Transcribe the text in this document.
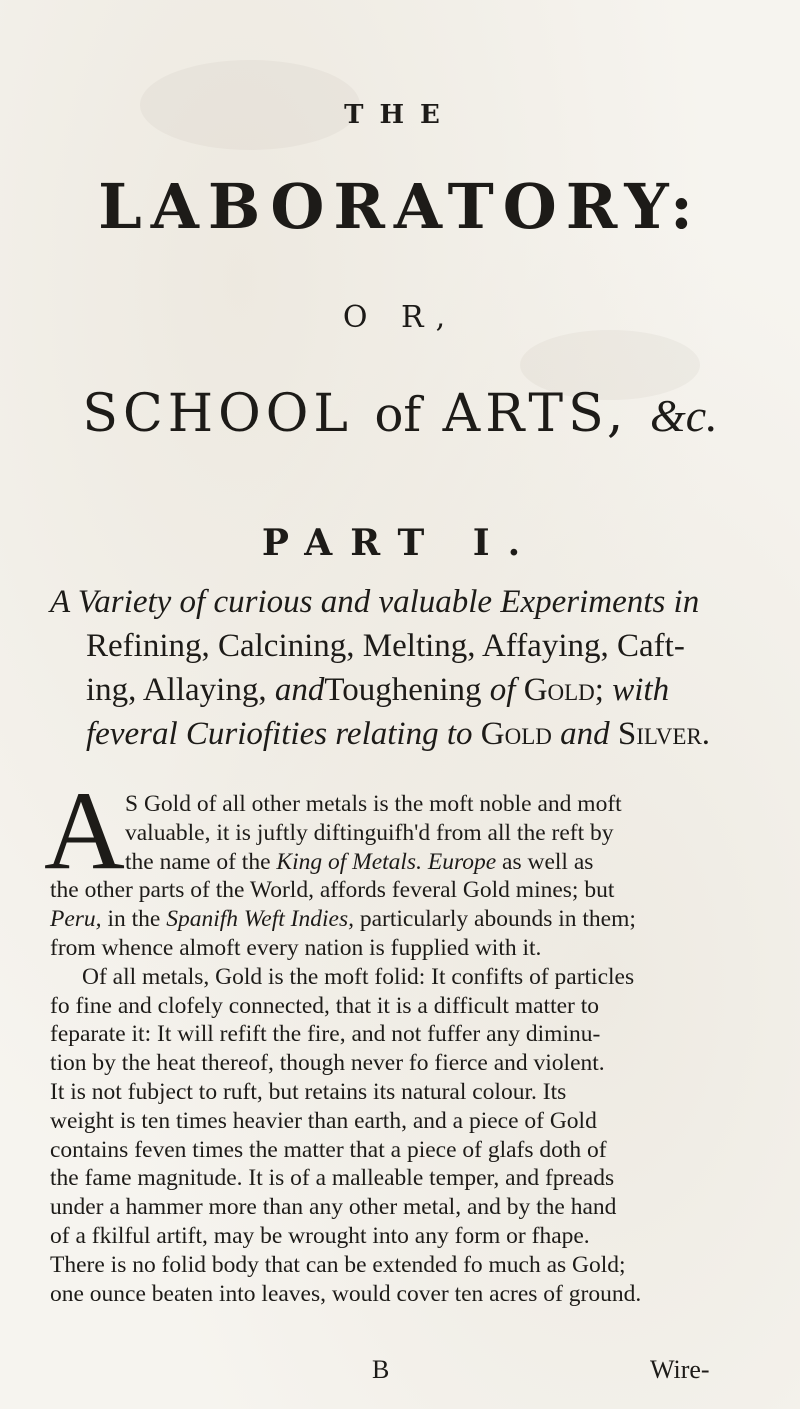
THE
LABORATORY:
O R,
SCHOOL of ARTS, &c.
PART I.
A Variety of curious and valuable Experiments in
Refining, Calcining, Melting, Affaying, Caft-
ing, Allaying, andToughening of Gold; with
feveral Curiofities relating to Gold and Silver.
A S Gold of all other metals is the moft noble and moft
valuable, it is juftly diftinguifh'd from all the reft by
the name of the King of Metals. Europe as well as
the other parts of the World, affords feveral Gold mines; but
Peru, in the Spanifh Weft Indies, particularly abounds in them;
from whence almoft every nation is fupplied with it.
Of all metals, Gold is the moft folid: It confifts of particles
fo fine and clofely connected, that it is a difficult matter to
feparate it: It will refift the fire, and not fuffer any diminu-
tion by the heat thereof, though never fo fierce and violent.
It is not fubject to ruft, but retains its natural colour. Its
weight is ten times heavier than earth, and a piece of Gold
contains feven times the matter that a piece of glafs doth of
the fame magnitude. It is of a malleable temper, and fpreads
under a hammer more than any other metal, and by the hand
of a fkilful artift, may be wrought into any form or fhape.
There is no folid body that can be extended fo much as Gold;
one ounce beaten into leaves, would cover ten acres of ground.
B	Wire-
